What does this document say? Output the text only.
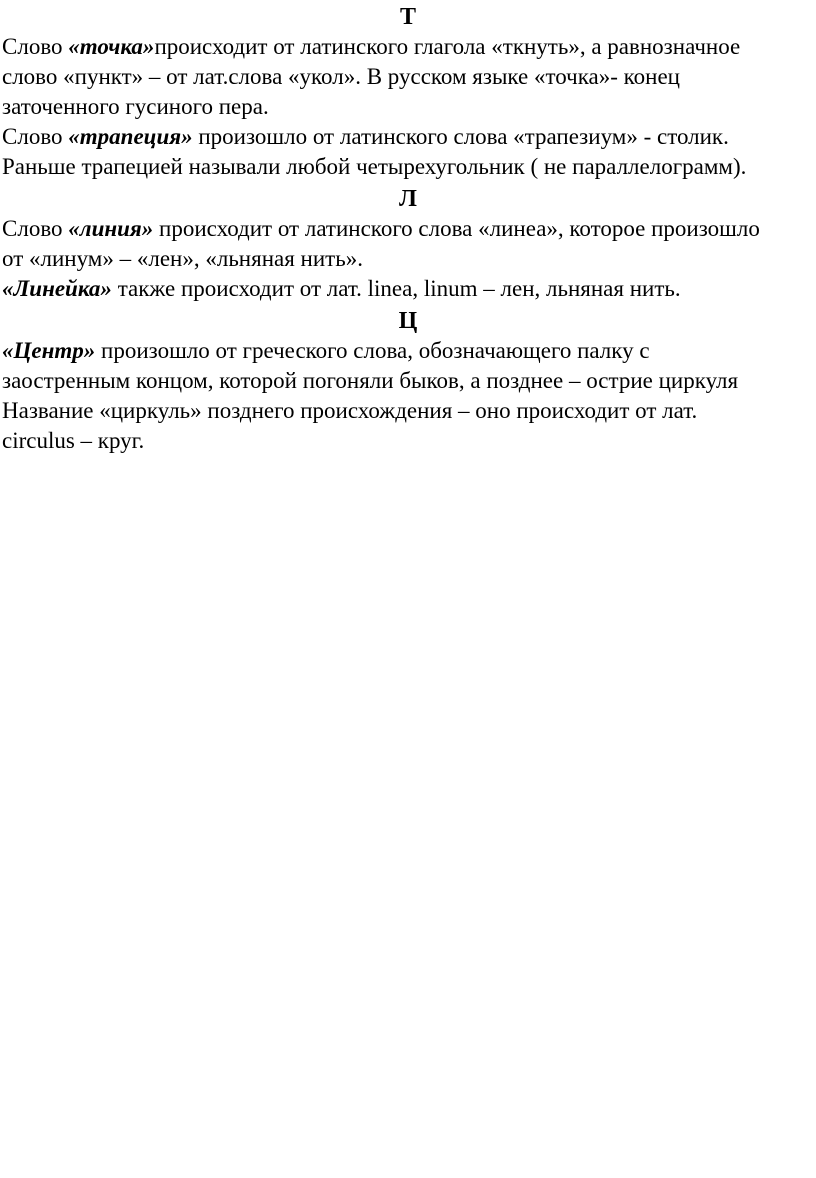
Т

Слово «точка»происходит от латинского глагола «ткнуть», а равнозначное
слово «пункт» – от лат.слова «укол». В русском языке «точка»- конец
заточенного гусиного пера.

Слово «трапеция» произошло от латинского слова «трапезиум» - столик.
Раньше трапецией называли любой четырехугольник ( не параллелограмм).

Л

Слово «линия» происходит от латинского слова «линеа», которое произошло
от «линум» – «лен», «льняная нить».

«Линейка» также происходит от лат. linea, linum – лен, льняная нить.

Ц

«Центр» произошло от греческого слова, обозначающего палку с
заостренным концом, которой погоняли быков, а позднее – острие циркуля
Название «циркуль» позднего происхождения – оно происходит от лат.
circulus – круг.
